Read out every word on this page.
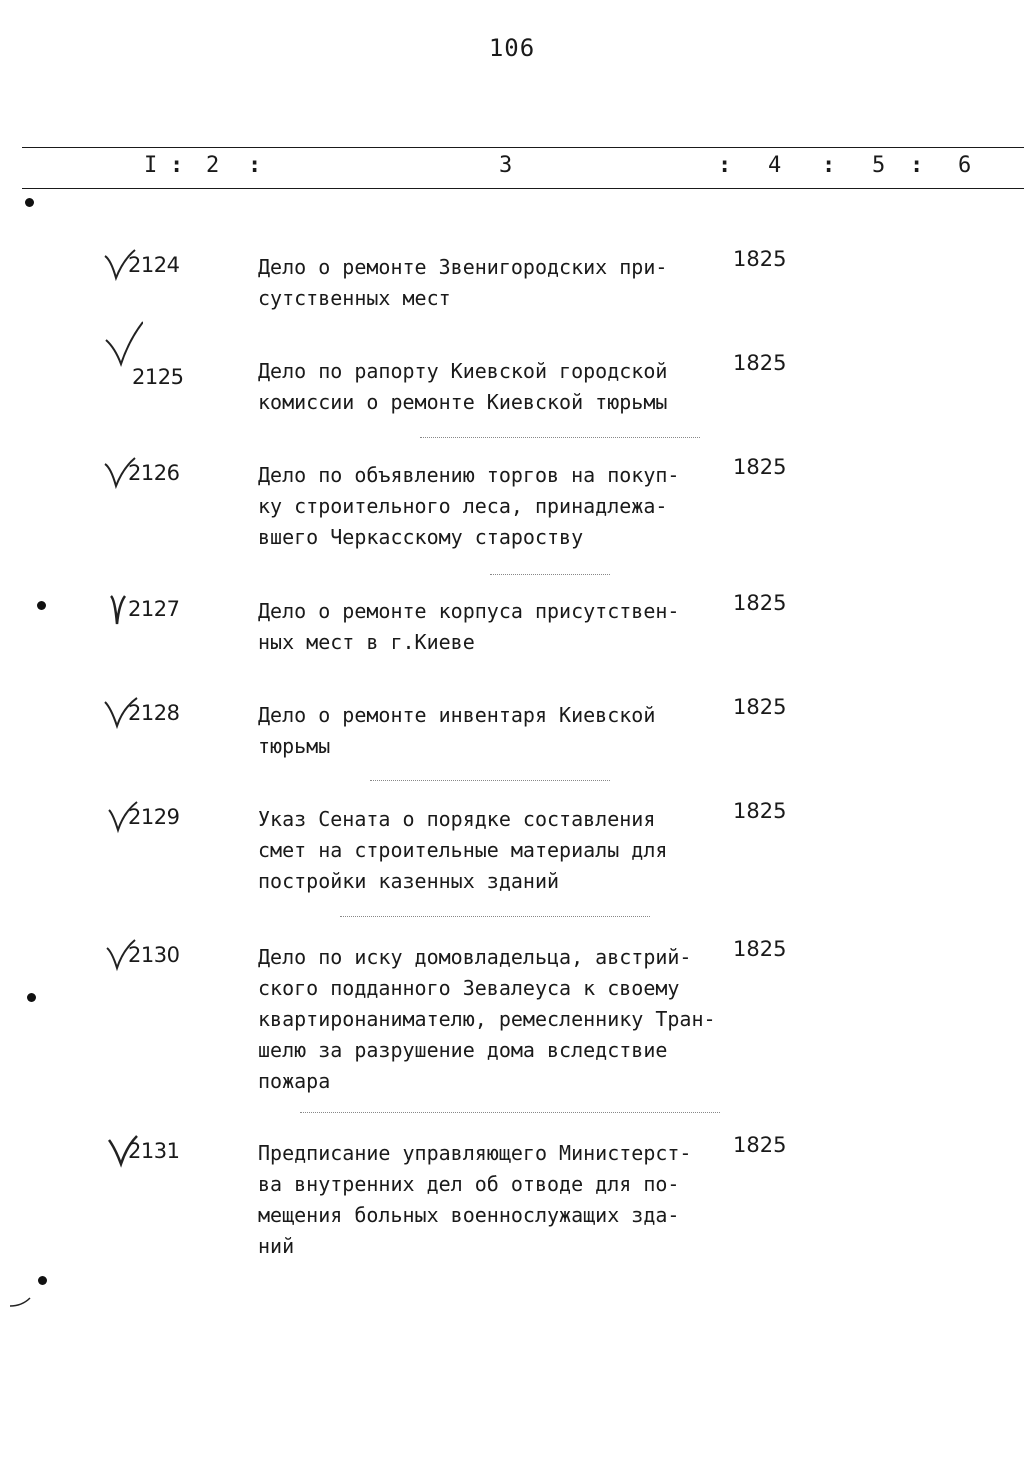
106
I : 2 :	3	: 4 : 5 : 6
2124	Дело о ремонте Звенигородских при-
сутственных мест
1825
2125	Дело по рапорту Киевской городской
комиссии о ремонте Киевской тюрьмы
1825
2126	Дело по объявлению торгов на покуп-
ку строительного леса, принадлежа-
вшего Черкасскому староству
1825
2127	Дело о ремонте корпуса присутствен-
ных мест в г.Киеве
1825
2128	Дело о ремонте инвентаря Киевской
тюрьмы
1825
2129	Указ Сената о порядке составления
смет на строительные материалы для
постройки казенных зданий
1825
2130	Дело по иску домовладельца, австрий-
ского подданного Зевалеуса к своему
квартиронанимателю, ремесленнику Тран-
шелю за разрушение дома вследствие
пожара
1825
2131	Предписание управляющего Министерст-
ва внутренних дел об отводе для по-
мещения больных военнослужащих зда-
ний
1825
